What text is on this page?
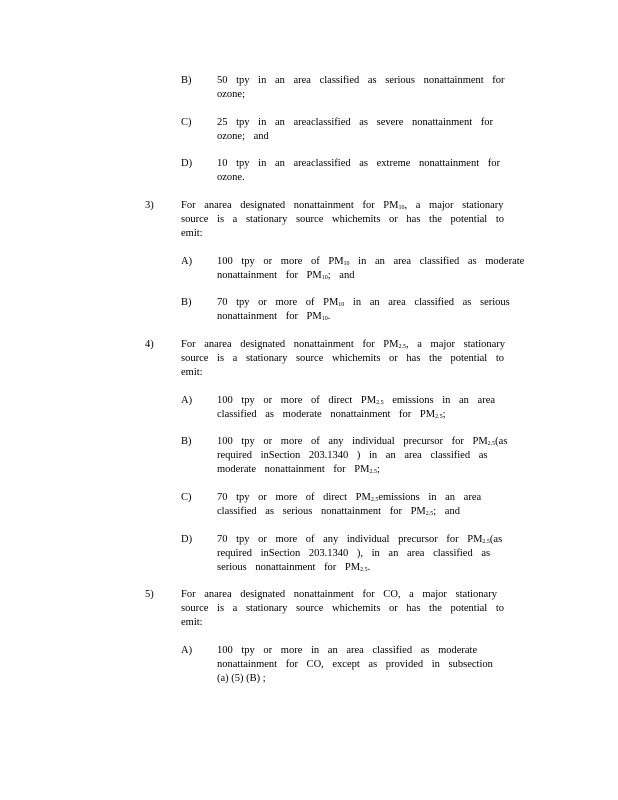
B) 50 tpy in an area classified as serious nonattainment for
ozone;
C) 25 tpy in an areaclassified as severe nonattainment for
ozone; and
D) 10 tpy in an areaclassified as extreme nonattainment for
ozone.
3)	For anarea designated nonattainment for $PM_{10}$, a major stationary
source is a stationary source whichemits or has the potential to
emit:
A) 100 tpy or more of $PM_{10}$ in an area classified as moderate
nonattainment for $PM_{10}$; and
B) 70 tpy or more of $PM_{10}$ in an area classified as serious
nonattainment for $PM_{10}$.
4)	For anarea designated nonattainment for $PM_{2.5}$, a major stationary
source is a stationary source whichemits or has the potential to
emit:
A) 100 tpy or more of direct $PM_{2.5}$ emissions in an area
classified as moderate nonattainment for $PM_{2.5}$;
B) 100 tpy or more of any individual precursor for $PM_{2.5}(as$
required inSection 203.1340 ) in an area classified as
moderate nonattainment for $PM_{2.5}$;
C) 70 tpy or more of direct $PM_{2.5}emissions$ in an area
classified as serious nonattainment for $PM_{2.5}$; and
D) 70 tpy or more of any individual precursor for $PM_{2.5}(as$
required inSection 203.1340 ), in an area classified as
serious nonattainment for $PM_{2.5}$.
5)	For anarea designated nonattainment for CO, a major stationary
source is a stationary source whichemits or has the potential to
emit:
A) 100 tpy or more in an area classified as moderate
nonattainment for CO, except as provided in subsection
(a) (5) (B) ;
